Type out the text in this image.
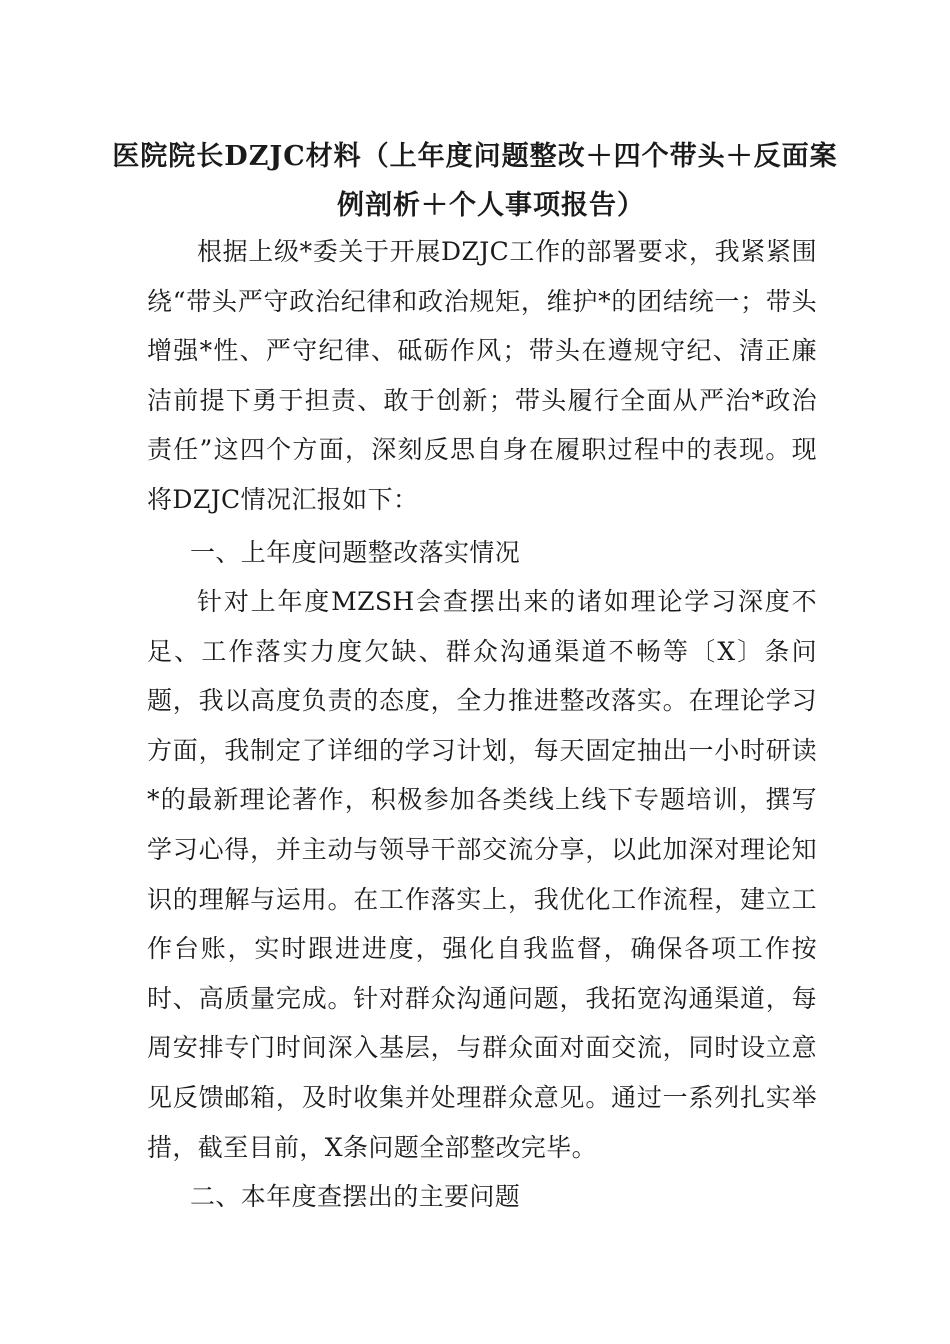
医院院长DZJC材料（上年度问题整改＋四个带头＋反面案
例剖析＋个人事项报告）
根据上级*委关于开展DZJC工作的部署要求，我紧紧围绕“带头严守政治纪律和政治规矩，维护*的团结统一；带头增强*性、严守纪律、砥砺作风；带头在遵规守纪、清正廉洁前提下勇于担责、敢于创新；带头履行全面从严治*政治责任”这四个方面，深刻反思自身在履职过程中的表现。现将DZJC情况汇报如下：
一、上年度问题整改落实情况
针对上年度MZSH会查摆出来的诸如理论学习深度不足、工作落实力度欠缺、群众沟通渠道不畅等〔X〕条问题，我以高度负责的态度，全力推进整改落实。在理论学习方面，我制定了详细的学习计划，每天固定抽出一小时研读*的最新理论著作，积极参加各类线上线下专题培训，撰写学习心得，并主动与领导干部交流分享，以此加深对理论知识的理解与运用。在工作落实上，我优化工作流程，建立工作台账，实时跟进进度，强化自我监督，确保各项工作按时、高质量完成。针对群众沟通问题，我拓宽沟通渠道，每周安排专门时间深入基层，与群众面对面交流，同时设立意见反馈邮箱，及时收集并处理群众意见。通过一系列扎实举措，截至目前，X条问题全部整改完毕。
二、本年度查摆出的主要问题
